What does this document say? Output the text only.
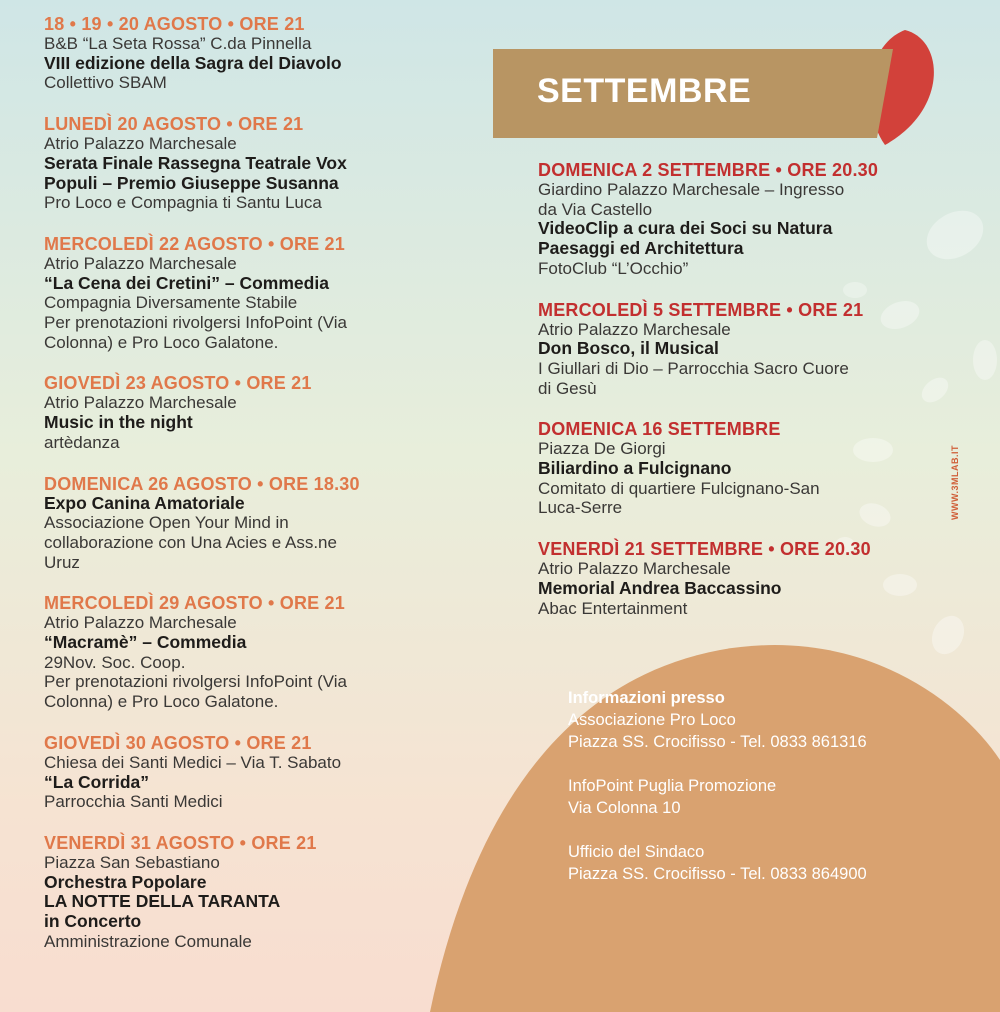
SETTEMBRE
18 • 19 • 20 AGOSTO • ORE 21
B&B “La Seta Rossa” C.da Pinnella
VIII edizione della Sagra del Diavolo
Collettivo SBAM
LUNEDÌ 20 AGOSTO • ORE 21
Atrio Palazzo Marchesale
Serata Finale Rassegna Teatrale Vox
Populi – Premio Giuseppe Susanna
Pro Loco e Compagnia ti Santu Luca
MERCOLEDÌ 22 AGOSTO • ORE 21
Atrio Palazzo Marchesale
“La Cena dei Cretini” – Commedia
Compagnia Diversamente Stabile
Per prenotazioni rivolgersi InfoPoint (Via
Colonna) e Pro Loco Galatone.
GIOVEDÌ 23 AGOSTO • ORE 21
Atrio Palazzo Marchesale
Music in the night
artèdanza
DOMENICA 26 AGOSTO • ORE 18.30
Expo Canina Amatoriale
Associazione Open Your Mind in
collaborazione con Una Acies e Ass.ne
Uruz
MERCOLEDÌ 29 AGOSTO • ORE 21
Atrio Palazzo Marchesale
“Macramè” – Commedia
29Nov. Soc. Coop.
Per prenotazioni rivolgersi InfoPoint (Via
Colonna) e Pro Loco Galatone.
GIOVEDÌ 30 AGOSTO • ORE 21
Chiesa dei Santi Medici – Via T. Sabato
“La Corrida”
Parrocchia Santi Medici
VENERDÌ 31 AGOSTO • ORE 21
Piazza San Sebastiano
Orchestra Popolare
LA NOTTE DELLA TARANTA
in Concerto
Amministrazione Comunale
DOMENICA 2 SETTEMBRE • ORE 20.30
Giardino Palazzo Marchesale – Ingresso
da Via Castello
VideoClip a cura dei Soci su Natura
Paesaggi ed Architettura
FotoClub “L’Occhio”
MERCOLEDÌ 5 SETTEMBRE • ORE 21
Atrio Palazzo Marchesale
Don Bosco, il Musical
I Giullari di Dio – Parrocchia Sacro Cuore
di Gesù
DOMENICA 16 SETTEMBRE
Piazza De Giorgi
Biliardino a Fulcignano
Comitato di quartiere Fulcignano-San
Luca-Serre
VENERDÌ 21 SETTEMBRE • ORE 20.30
Atrio Palazzo Marchesale
Memorial Andrea Baccassino
Abac Entertainment
Informazioni presso
Associazione Pro Loco
Piazza SS. Crocifisso - Tel. 0833 861316
InfoPoint Puglia Promozione
Via Colonna 10
Ufficio del Sindaco
Piazza SS. Crocifisso - Tel. 0833 864900
WWW.3MLAB.IT
